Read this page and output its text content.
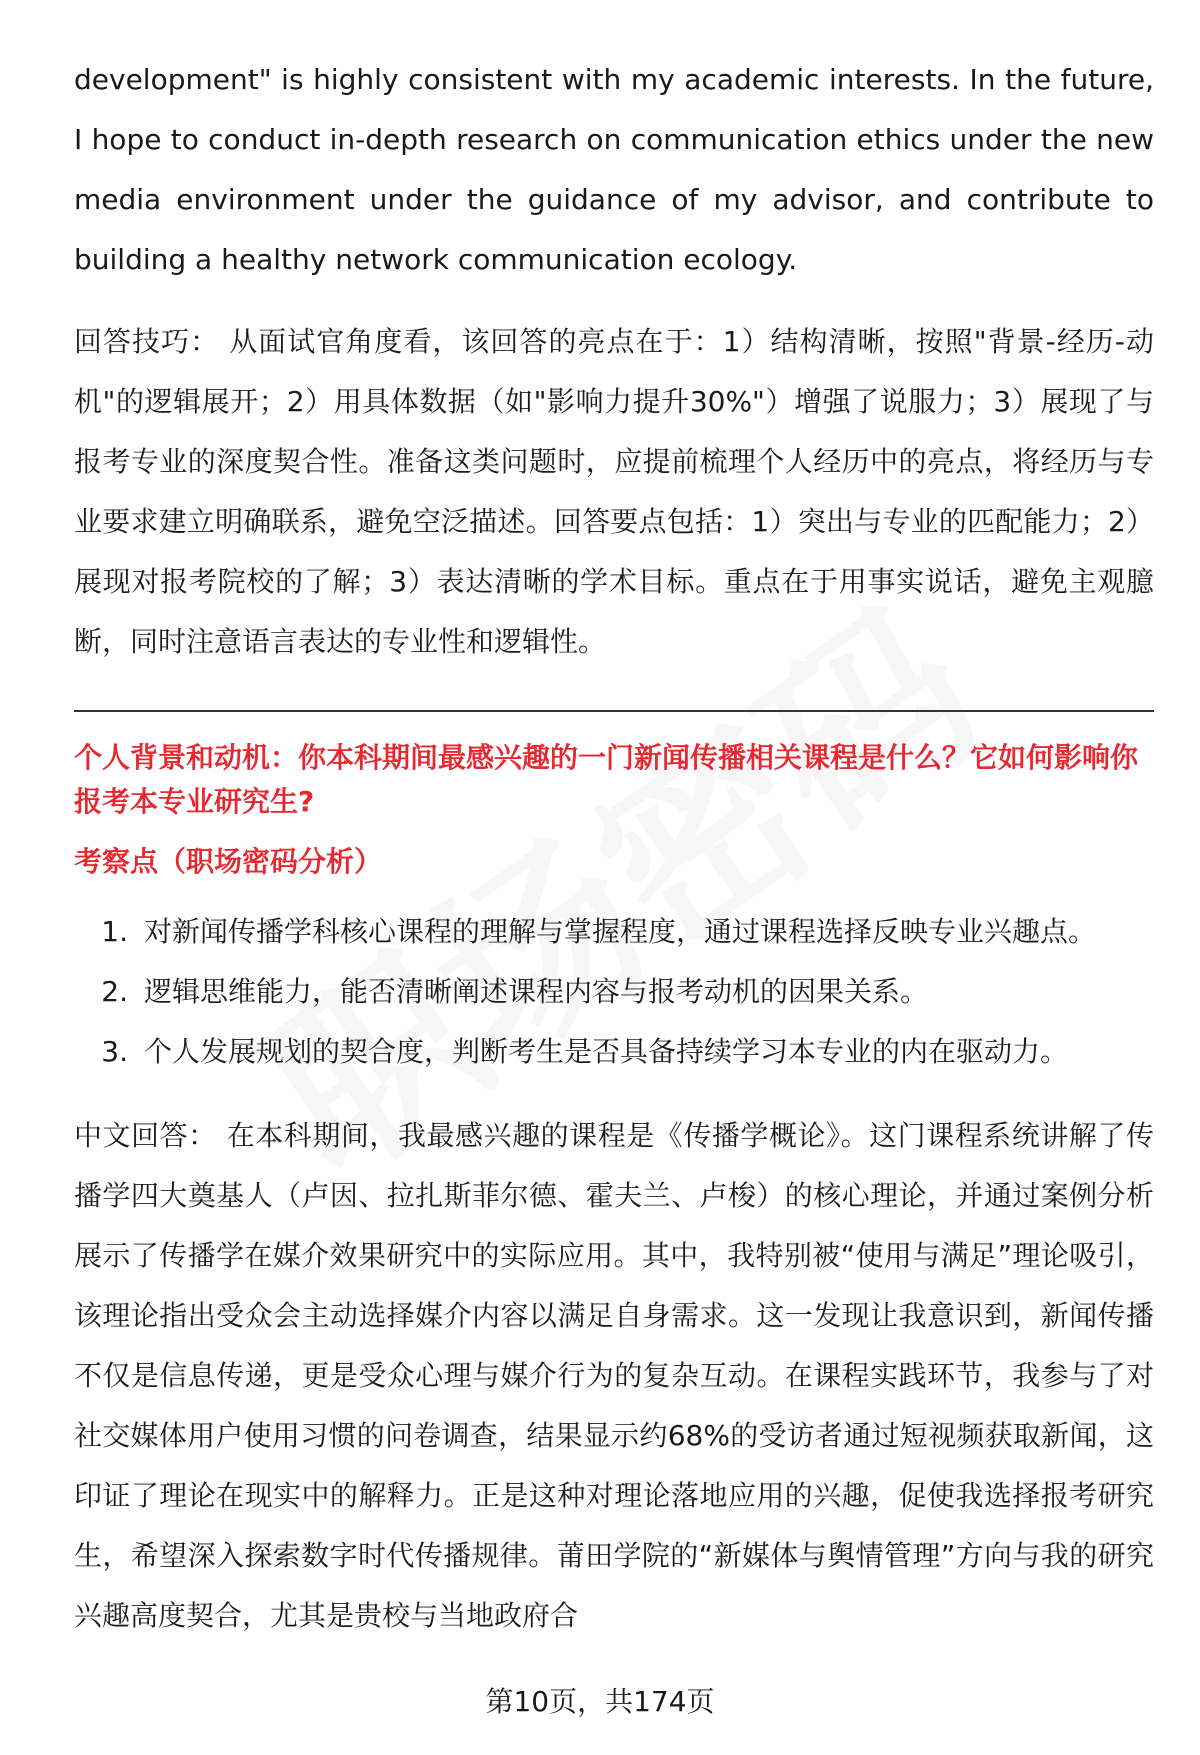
development" is highly consistent with my academic interests. In the future, I hope to conduct in-depth research on communication ethics under the new media environment under the guidance of my advisor, and contribute to building a healthy network communication ecology.

回答技巧： 从面试官角度看，该回答的亮点在于：1）结构清晰，按照"背景-经历-动机"的逻辑展开；2）用具体数据（如"影响力提升30%"）增强了说服力；3）展现了与报考专业的深度契合性。准备这类问题时，应提前梳理个人经历中的亮点，将经历与专业要求建立明确联系，避免空泛描述。回答要点包括：1）突出与专业的匹配能力；2）展现对报考院校的了解；3）表达清晰的学术目标。重点在于用事实说话，避免主观臆断，同时注意语言表达的专业性和逻辑性。

个人背景和动机：你本科期间最感兴趣的一门新闻传播相关课程是什么？它如何影响你报考本专业研究生?

考察点（职场密码分析）

1. 对新闻传播学科核心课程的理解与掌握程度，通过课程选择反映专业兴趣点。
2. 逻辑思维能力，能否清晰阐述课程内容与报考动机的因果关系。
3. 个人发展规划的契合度，判断考生是否具备持续学习本专业的内在驱动力。

中文回答： 在本科期间，我最感兴趣的课程是《传播学概论》。这门课程系统讲解了传播学四大奠基人（卢因、拉扎斯菲尔德、霍夫兰、卢梭）的核心理论，并通过案例分析展示了传播学在媒介效果研究中的实际应用。其中，我特别被“使用与满足”理论吸引，该理论指出受众会主动选择媒介内容以满足自身需求。这一发现让我意识到，新闻传播不仅是信息传递，更是受众心理与媒介行为的复杂互动。在课程实践环节，我参与了对社交媒体用户使用习惯的问卷调查，结果显示约68%的受访者通过短视频获取新闻，这印证了理论在现实中的解释力。正是这种对理论落地应用的兴趣，促使我选择报考研究生，希望深入探索数字时代传播规律。莆田学院的“新媒体与舆情管理”方向与我的研究兴趣高度契合，尤其是贵校与当地政府合

第10页，共174页
